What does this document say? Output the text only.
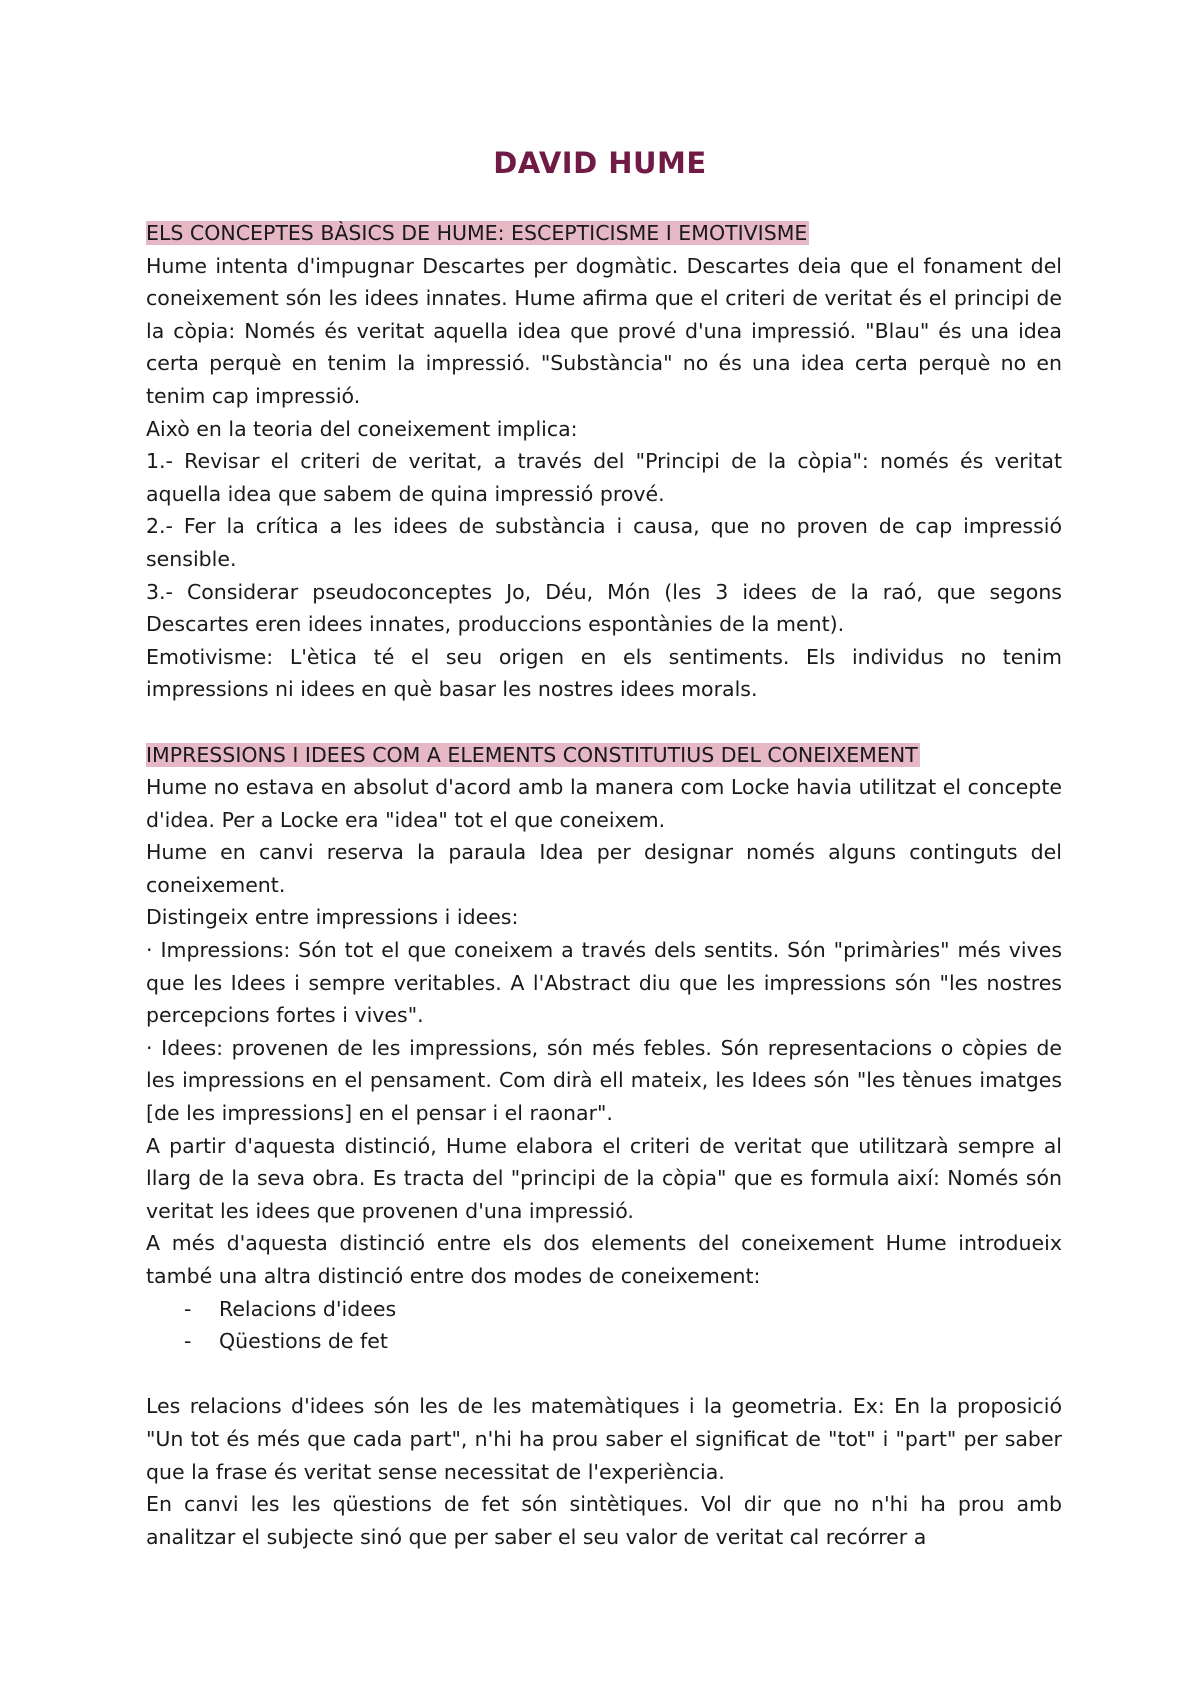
DAVID HUME

ELS CONCEPTES BÀSICS DE HUME: ESCEPTICISME I EMOTIVISME

Hume intenta d'impugnar Descartes per dogmàtic. Descartes deia que el fonament del coneixement són les idees innates. Hume afirma que el criteri de veritat és el principi de la còpia: Només és veritat aquella idea que prové d'una impressió. "Blau" és una idea certa perquè en tenim la impressió. "Substància" no és una idea certa perquè no en tenim cap impressió.

Això en la teoria del coneixement implica:

1.- Revisar el criteri de veritat, a través del "Principi de la còpia": només és veritat aquella idea que sabem de quina impressió prové.

2.- Fer la crítica a les idees de substància i causa, que no proven de cap impressió sensible.

3.- Considerar pseudoconceptes Jo, Déu, Món (les 3 idees de la raó, que segons Descartes eren idees innates, produccions espontànies de la ment).

Emotivisme: L'ètica té el seu origen en els sentiments. Els individus no tenim impressions ni idees en què basar les nostres idees morals.

IMPRESSIONS I IDEES COM A ELEMENTS CONSTITUTIUS DEL CONEIXEMENT

Hume no estava en absolut d'acord amb la manera com Locke havia utilitzat el concepte d'idea. Per a Locke era "idea" tot el que coneixem.

Hume en canvi reserva la paraula Idea per designar només alguns continguts del coneixement.

Distingeix entre impressions i idees:

· Impressions: Són tot el que coneixem a través dels sentits. Són "primàries" més vives que les Idees i sempre veritables. A l'Abstract diu que les impressions són "les nostres percepcions fortes i vives".

· Idees: provenen de les impressions, són més febles. Són representacions o còpies de les impressions en el pensament. Com dirà ell mateix, les Idees són "les tènues imatges [de les impressions] en el pensar i el raonar".

A partir d'aquesta distinció, Hume elabora el criteri de veritat que utilitzarà sempre al llarg de la seva obra. Es tracta del "principi de la còpia" que es formula així: Només són veritat les idees que provenen d'una impressió.

A més d'aquesta distinció entre els dos elements del coneixement Hume introdueix també una altra distinció entre dos modes de coneixement:

- Relacions d'idees
- Qüestions de fet

Les relacions d'idees són les de les matemàtiques i la geometria. Ex: En la proposició "Un tot és més que cada part", n'hi ha prou saber el significat de "tot" i "part" per saber que la frase és veritat sense necessitat de l'experiència.

En canvi les les qüestions de fet són sintètiques. Vol dir que no n'hi ha prou amb analitzar el subjecte sinó que per saber el seu valor de veritat cal recórrer a
